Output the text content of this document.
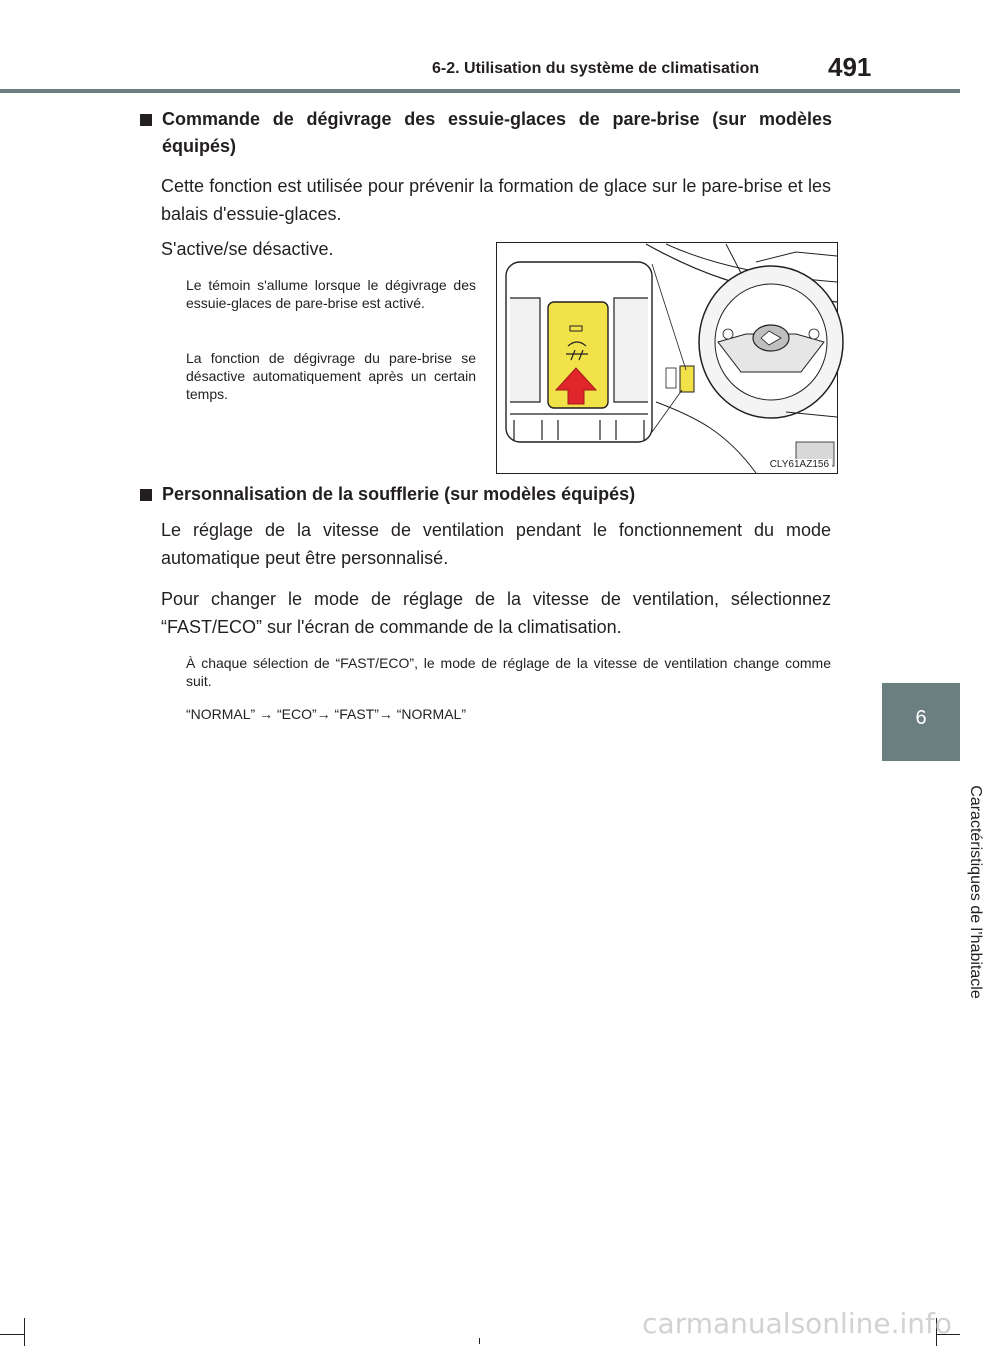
6-2. Utilisation du système de climatisation	491
6
Caractéristiques de l’habitacle
Commande de dégivrage des essuie-glaces de pare-brise (sur modèles équipés)
Cette fonction est utilisée pour prévenir la formation de glace sur le pare-brise et les balais d'essuie-glaces.
S'active/se désactive.
Le témoin s'allume lorsque le dégivrage des essuie-glaces de pare-brise est activé.
La fonction de dégivrage du pare-brise se désactive automatiquement après un certain temps.
CLY61AZ156
Personnalisation de la soufflerie (sur modèles équipés)
Le réglage de la vitesse de ventilation pendant le fonctionnement du mode automatique peut être personnalisé.
Pour changer le mode de réglage de la vitesse de ventilation, sélectionnez “FAST/ECO” sur l'écran de commande de la climatisation.
À chaque sélection de “FAST/ECO”, le mode de réglage de la vitesse de ventilation change comme suit.
“NORMAL” → “ECO”→ “FAST”→ “NORMAL”
carmanualsonline.info
